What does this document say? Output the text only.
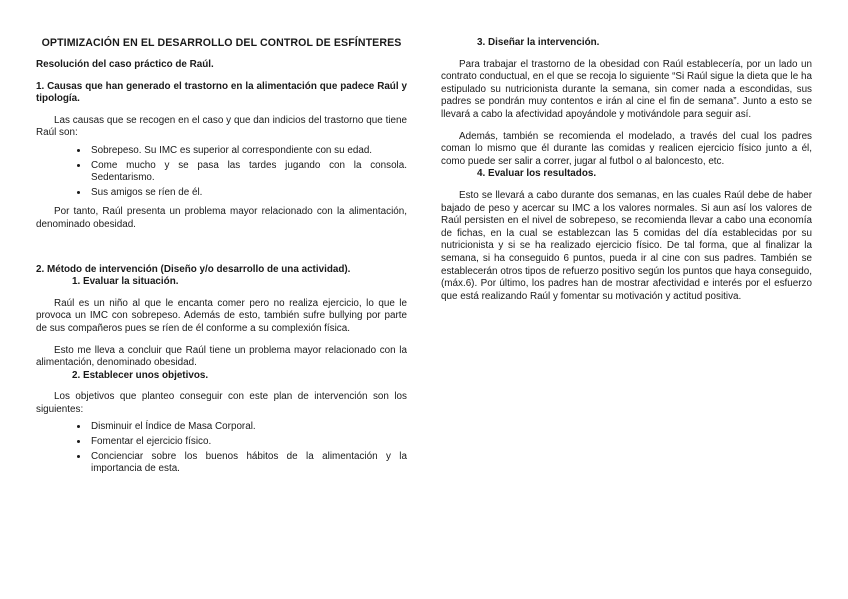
OPTIMIZACIÓN EN EL DESARROLLO DEL CONTROL DE ESFÍNTERES

Resolución del caso práctico de Raúl.

1. Causas que han generado el trastorno en la alimentación que padece Raúl y tipología.

Las causas que se recogen en el caso y que dan indicios del trastorno que tiene Raúl son:

• Sobrepeso. Su IMC es superior al correspondiente con su edad.
• Come mucho y se pasa las tardes jugando con la consola. Sedentarismo.
• Sus amigos se ríen de él.

Por tanto, Raúl presenta un problema mayor relacionado con la alimentación, denominado obesidad.

2. Método de intervención (Diseño y/o desarrollo de una actividad).

1. Evaluar la situación.

Raúl es un niño al que le encanta comer pero no realiza ejercicio, lo que le provoca un IMC con sobrepeso. Además de esto, también sufre bullying por parte de sus compañeros pues se ríen de él conforme a su complexión física.

Esto me lleva a concluir que Raúl tiene un problema mayor relacionado con la alimentación, denominado obesidad.

2. Establecer unos objetivos.

Los objetivos que planteo conseguir con este plan de intervención son los siguientes:

• Disminuir el Índice de Masa Corporal.
• Fomentar el ejercicio físico.
• Concienciar sobre los buenos hábitos de la alimentación y la importancia de esta.

3. Diseñar la intervención.

Para trabajar el trastorno de la obesidad con Raúl establecería, por un lado un contrato conductual, en el que se recoja lo siguiente “Si Raúl sigue la dieta que le ha estipulado su nutricionista durante la semana, sin comer nada a escondidas, sus padres se pondrán muy contentos e irán al cine el fin de semana”. Junto a esto se llevará a cabo la afectividad apoyándole y motivándole para seguir así.

Además, también se recomienda el modelado, a través del cual los padres coman lo mismo que él durante las comidas y realicen ejercicio físico junto a él, como puede ser salir a correr, jugar al futbol o al baloncesto, etc.

4. Evaluar los resultados.

Esto se llevará a cabo durante dos semanas, en las cuales Raúl debe de haber bajado de peso y acercar su IMC a los valores normales. Si aun así los valores de Raúl persisten en el nivel de sobrepeso, se recomienda llevar a cabo una economía de fichas, en la cual se establezcan las 5 comidas del día establecidas por su nutricionista y si se ha realizado ejercicio físico. De tal forma, que al finalizar la semana, si ha conseguido 6 puntos, pueda ir al cine con sus padres. También se establecerán otros tipos de refuerzo positivo según los puntos que haya conseguido, (máx.6). Por último, los padres han de mostrar afectividad e interés por el esfuerzo que está realizando Raúl y fomentar su motivación y actitud positiva.
